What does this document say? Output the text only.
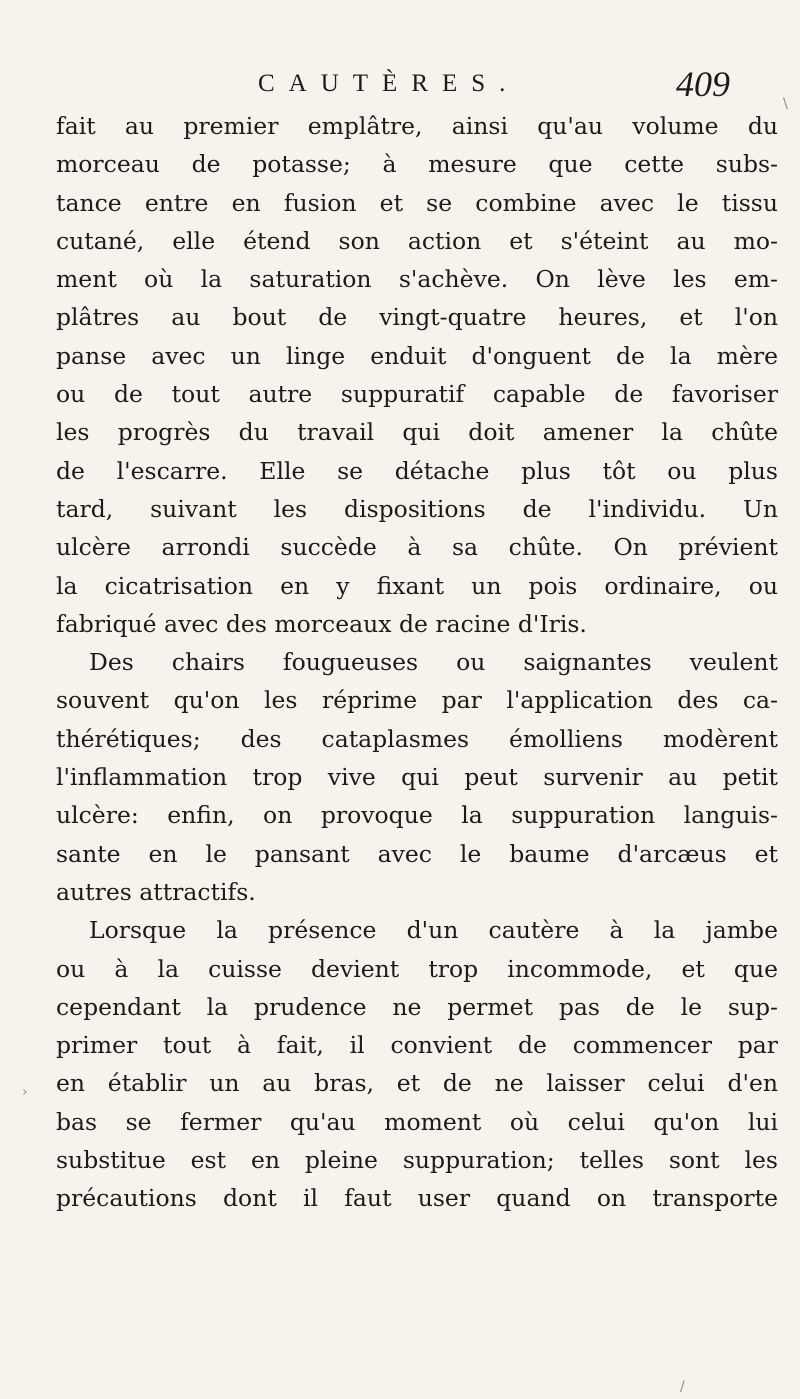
CAUTÈRES.	409
fait au premier emplâtre, ainsi qu'au volume du
morceau de potasse; à mesure que cette subs-
tance entre en fusion et se combine avec le tissu
cutané, elle étend son action et s'éteint au mo-
ment où la saturation s'achève. On lève les em-
plâtres au bout de vingt-quatre heures, et l'on
panse avec un linge enduit d'onguent de la mère
ou de tout autre suppuratif capable de favoriser
les progrès du travail qui doit amener la chûte
de l'escarre. Elle se détache plus tôt ou plus
tard, suivant les dispositions de l'individu. Un
ulcère arrondi succède à sa chûte. On prévient
la cicatrisation en y fixant un pois ordinaire, ou
fabriqué avec des morceaux de racine d'Iris.
Des chairs fougueuses ou saignantes veulent
souvent qu'on les réprime par l'application des ca-
thérétiques; des cataplasmes émolliens modèrent
l'inflammation trop vive qui peut survenir au petit
ulcère: enfin, on provoque la suppuration languis-
sante en le pansant avec le baume d'arcæus et
autres attractifs.
Lorsque la présence d'un cautère à la jambe
ou à la cuisse devient trop incommode, et que
cependant la prudence ne permet pas de le sup-
primer tout à fait, il convient de commencer par
en établir un au bras, et de ne laisser celui d'en
bas se fermer qu'au moment où celui qu'on lui
substitue est en pleine suppuration; telles sont les
précautions dont il faut user quand on transporte
\
›
/
